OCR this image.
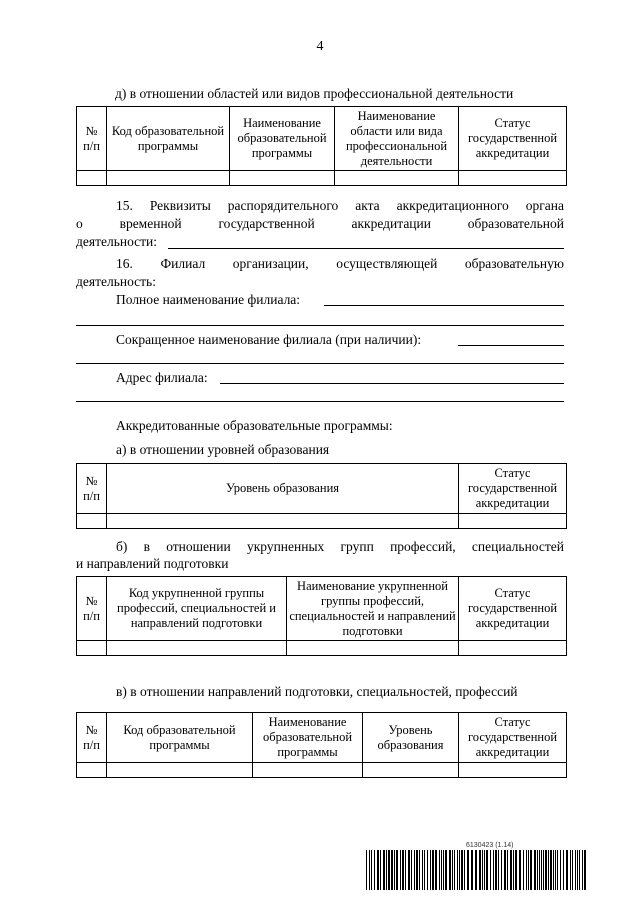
4
д) в отношении областей или видов профессиональной деятельности
№ п/п	Код образовательной программы	Наименование образовательной программы	Наименование области или вида профессиональной деятельности	Статус государственной аккредитации

15. Реквизиты распорядительного акта аккредитационного органа
о временной государственной аккредитации образовательной
деятельности:
16. Филиал организации, осуществляющей образовательную
деятельность:
Полное наименование филиала:
Сокращенное наименование филиала (при наличии):
Адрес филиала:
Аккредитованные образовательные программы:
а) в отношении уровней образования
№ п/п	Уровень образования	Статус государственной аккредитации

б) в отношении укрупненных групп профессий, специальностей
и направлений подготовки
№ п/п	Код укрупненной группы профессий, специальностей и направлений подготовки	Наименование укрупненной группы профессий, специальностей и направлений подготовки	Статус государственной аккредитации

в) в отношении направлений подготовки, специальностей, профессий
№ п/п	Код образовательной программы	Наименование образовательной программы	Уровень образования	Статус государственной аккредитации

6130423 (1.14)
